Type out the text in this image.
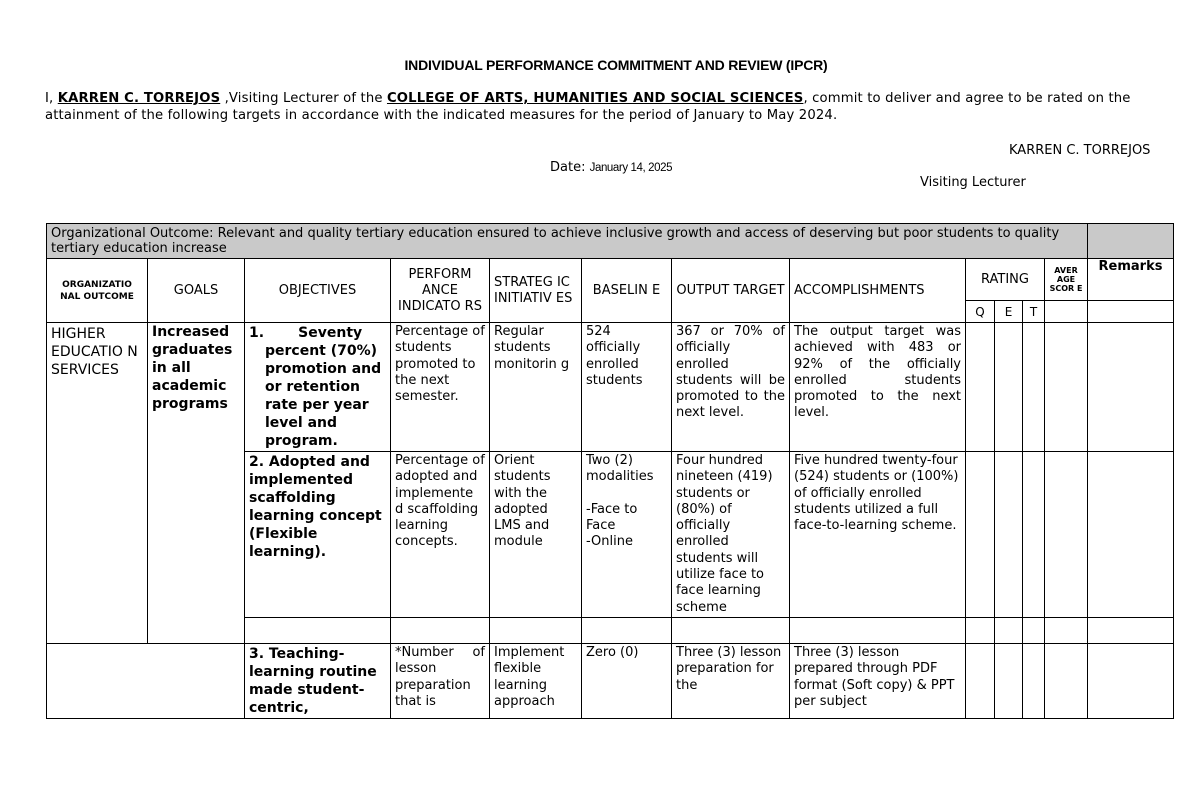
INDIVIDUAL PERFORMANCE COMMITMENT AND REVIEW (IPCR)
I, KARREN C. TORREJOS ,Visiting Lecturer of the COLLEGE OF ARTS, HUMANITIES AND SOCIAL SCIENCES, commit to deliver and agree to be rated on the attainment of the following targets in accordance with the indicated measures for the period of January to May 2024.
KARREN C. TORREJOS
Date: January 14, 2025
Visiting Lecturer
Organizational Outcome: Relevant and quality tertiary education ensured to achieve inclusive growth and access of deserving but poor students to quality tertiary education increase												
ORGANIZATIO NAL OUTCOME	GOALS	OBJECTIVES	PERFORM ANCE INDICATO RS	STRATEG IC INITIATIV ES	BASELIN E	OUTPUT TARGET	ACCOMPLISHMENTS	RATING			AVER AGE SCOR E	Remarks
								Q	E	T		
HIGHER EDUCATIO N SERVICES	Increased graduates in all academic programs	1.       Seventy percent (70%) promotion and or retention rate per year level and program.	Percentage of students promoted to the next semester.	Regular students monitorin g	524 officially enrolled students	367 or 70% of officially enrolled students will be promoted to the next level.	The output target was achieved with 483 or 92% of the officially enrolled students promoted to the next level.					
		2. Adopted and implemented scaffolding learning concept (Flexible learning).	Percentage of adopted and implemente d scaffolding learning concepts.	Orient students with the adopted LMS and module	Two (2) modalities
-Face to Face
-Online	Four hundred nineteen (419) students or (80%) of officially enrolled students will utilize face to face learning scheme	Five hundred twenty-four (524) students or (100%) of officially enrolled students utilized a full face-to-learning scheme.					

		3. Teaching-learning routine made student-centric,	*Number of lesson preparation that is	Implement flexible learning approach	Zero (0)	Three (3) lesson preparation for the	Three (3) lesson prepared through PDF format (Soft copy) & PPT per subject					
